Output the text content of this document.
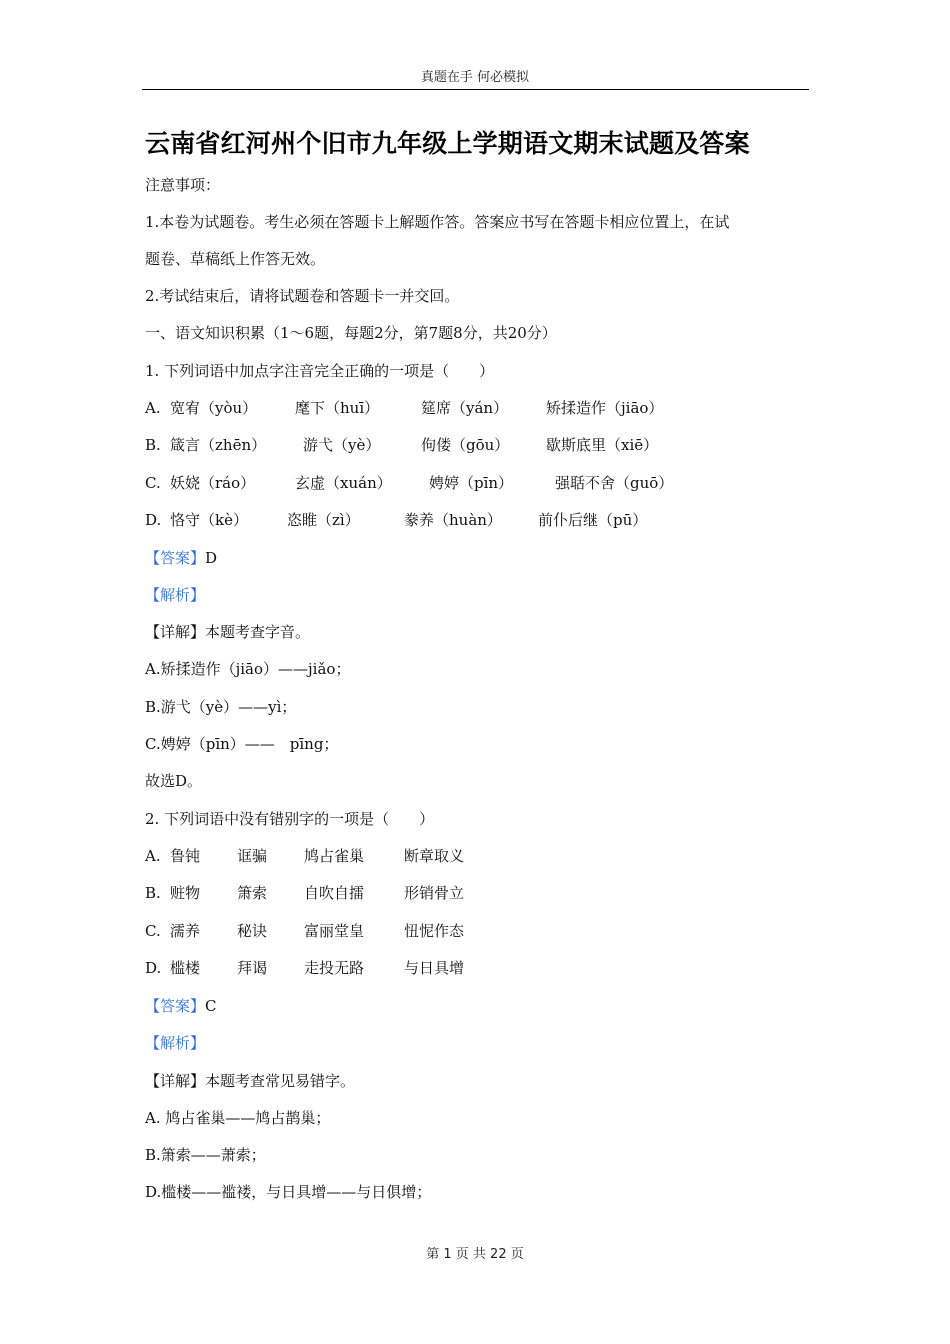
真题在手 何必模拟
云南省红河州个旧市九年级上学期语文期末试题及答案
注意事项：
1.本卷为试题卷。考生必须在答题卡上解题作答。答案应书写在答题卡相应位置上，在试
题卷、草稿纸上作答无效。
2.考试结束后，请将试题卷和答题卡一并交回。
一、语文知识积累（1～6题，每题2分，第7题8分，共20分）
1. 下列词语中加点字注音完全正确的一项是（　　）
A. 宽宥（yòu）	麾下（huī）	筵席（yán）	矫揉造作（jiāo）
B. 箴言（zhēn） 游弋（yè）	佝偻（gōu） 歇斯底里（xiē）
C. 妖娆（ráo）	玄虚（xuán） 娉婷（pīn）	强聒不舍（guō）
D. 恪守（kè）	恣睢（zì）	豢养（huàn） 前仆后继（pū）
【答案】D
【解析】
【详解】本题考查字音。
A.矫揉造作（jiāo）——jiǎo；
B.游弋（yè）——yì；
C.娉婷（pīn）——　pīng；
故选D。
2. 下列词语中没有错别字的一项是（　　）
A. 鲁钝 诓骗 鸠占雀巢	断章取义
B. 赃物 箫索 自吹自擂	形销骨立
C. 濡养 秘诀 富丽堂皇	忸怩作态
D. 槛楼 拜谒 走投无路	与日具增
【答案】C
【解析】
【详解】本题考查常见易错字。
A. 鸠占雀巢——鸠占鹊巢；
B.箫索——萧索；
D.槛楼——褴褛，与日具增——与日俱增；
第 1 页 共 22 页
